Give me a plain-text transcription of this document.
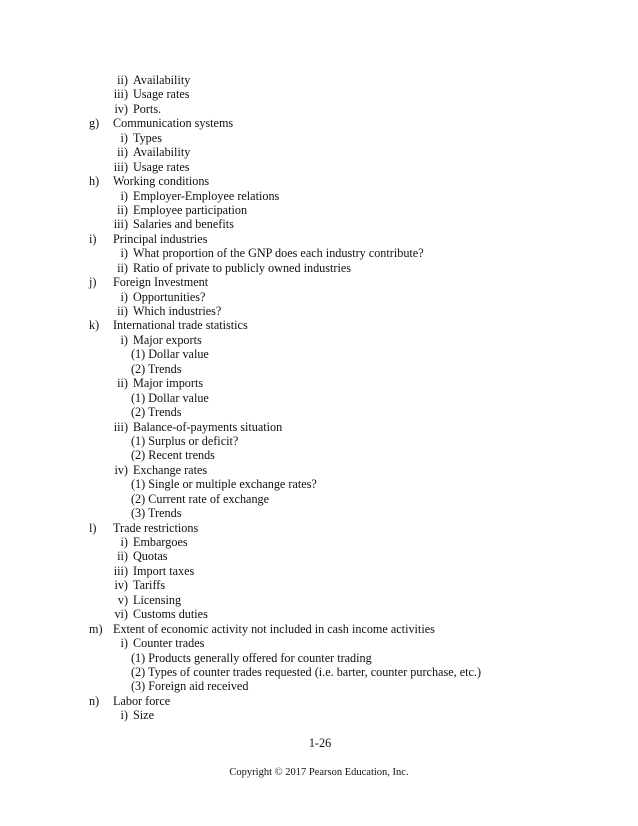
ii) Availability
iii) Usage rates
iv) Ports.
g) Communication systems
i) Types
ii) Availability
iii) Usage rates
h) Working conditions
i) Employer-Employee relations
ii) Employee participation
iii) Salaries and benefits
i) Principal industries
i) What proportion of the GNP does each industry contribute?
ii) Ratio of private to publicly owned industries
j) Foreign Investment
i) Opportunities?
ii) Which industries?
k) International trade statistics
i) Major exports
(1) Dollar value
(2) Trends
ii) Major imports
(1) Dollar value
(2) Trends
iii) Balance-of-payments situation
(1) Surplus or deficit?
(2) Recent trends
iv) Exchange rates
(1) Single or multiple exchange rates?
(2) Current rate of exchange
(3) Trends
l) Trade restrictions
i) Embargoes
ii) Quotas
iii) Import taxes
iv) Tariffs
v) Licensing
vi) Customs duties
m) Extent of economic activity not included in cash income activities
i) Counter trades
(1) Products generally offered for counter trading
(2) Types of counter trades requested (i.e. barter, counter purchase, etc.)
(3) Foreign aid received
n) Labor force
i) Size
1-26
Copyright © 2017 Pearson Education, Inc.
